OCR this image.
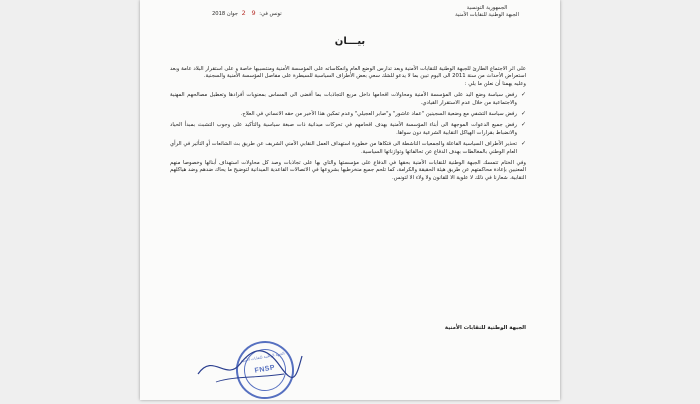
الجمهورية التونسية
الجبهة الوطنية للنقابات الأمنية
تونس في: 9 2 جوان 2018
بيـــان

على اثر الاجتماع الطارئ للجبهة الوطنية للنقابات الأمنية وبعد تدارس الوضع العام وانعكاساته على المؤسسة الأمنية ومنتسبيها خاصة و على استقرار البلاد عامة وبعد استعراض الأحداث من سنة 2011 الى اليوم تبين بما لا يدعو للشك سعي بعض الأطراف السياسية للسيطرة على مفاصل المؤسسة الأمنية والسجنية.

وعليه يهمنا أن نعلن ما يلي :

✓
رفض سياسة وضع اليد على المؤسسة الأمنية ومحاولات اقحامها داخل مربع التجاذبات بما أفضى الى المساس بمعنويات أفرادها وتعطيل مصالحهم المهنية والاجتماعية من خلال عدم الاستقرار القيادي.

✓
رفض سياسة التشفي مع وضعية السجينين "عماد عاشور" و"صابر العجيلي" وعدم تمكين هذا الأخير من حقه الانساني في العلاج.

✓
رفض جميع الدعوات الموجهة الى أبناء المؤسسة الأمنية بهدف اقحامهم في تحركات ميدانية ذات صبغة سياسية والتأكيد على وجوب التشبث بمبدأ الحياد والانضباط بقرارات الهياكل النقابية الشرعية دون سواها.

✓
تحذير الأطراف السياسية الفاعلة والجمعيات الناشطة الى فتكاها من خطورة استهداف العمل النقابي الأمني الشريف عن طريق بث الشائعات أو التأثير في الرأي العام الوطني بالمغالطات بهدف الدفاع عن تحالفاتها وتوازناتها السياسية.

وفي الختام تتمسك الجبهة الوطنية للنقابات الأمنية بحقها في الدفاع على مؤسستها والتاي بها على تجاذبات وصد كل محاولات استهداف أبنائها وخصوصا منهم المعنيين بإعادة محاكمتهم عن طريق هيئة الحقيقة والكرامة، كما تلحم جميع منخرطيها بشروعها في الاتصالات القاعدية الميدانية لتوضيح ما يحاك ضدهم وضد هياكلهم النقابية. شعارنا في ذلك لا علوية الا للقانون ولا ولاء الا لتونس.

الجبهة الوطنية للنقابات الأمنية
الجبهة الوطنية للنقابات الأمنية
FNSP
